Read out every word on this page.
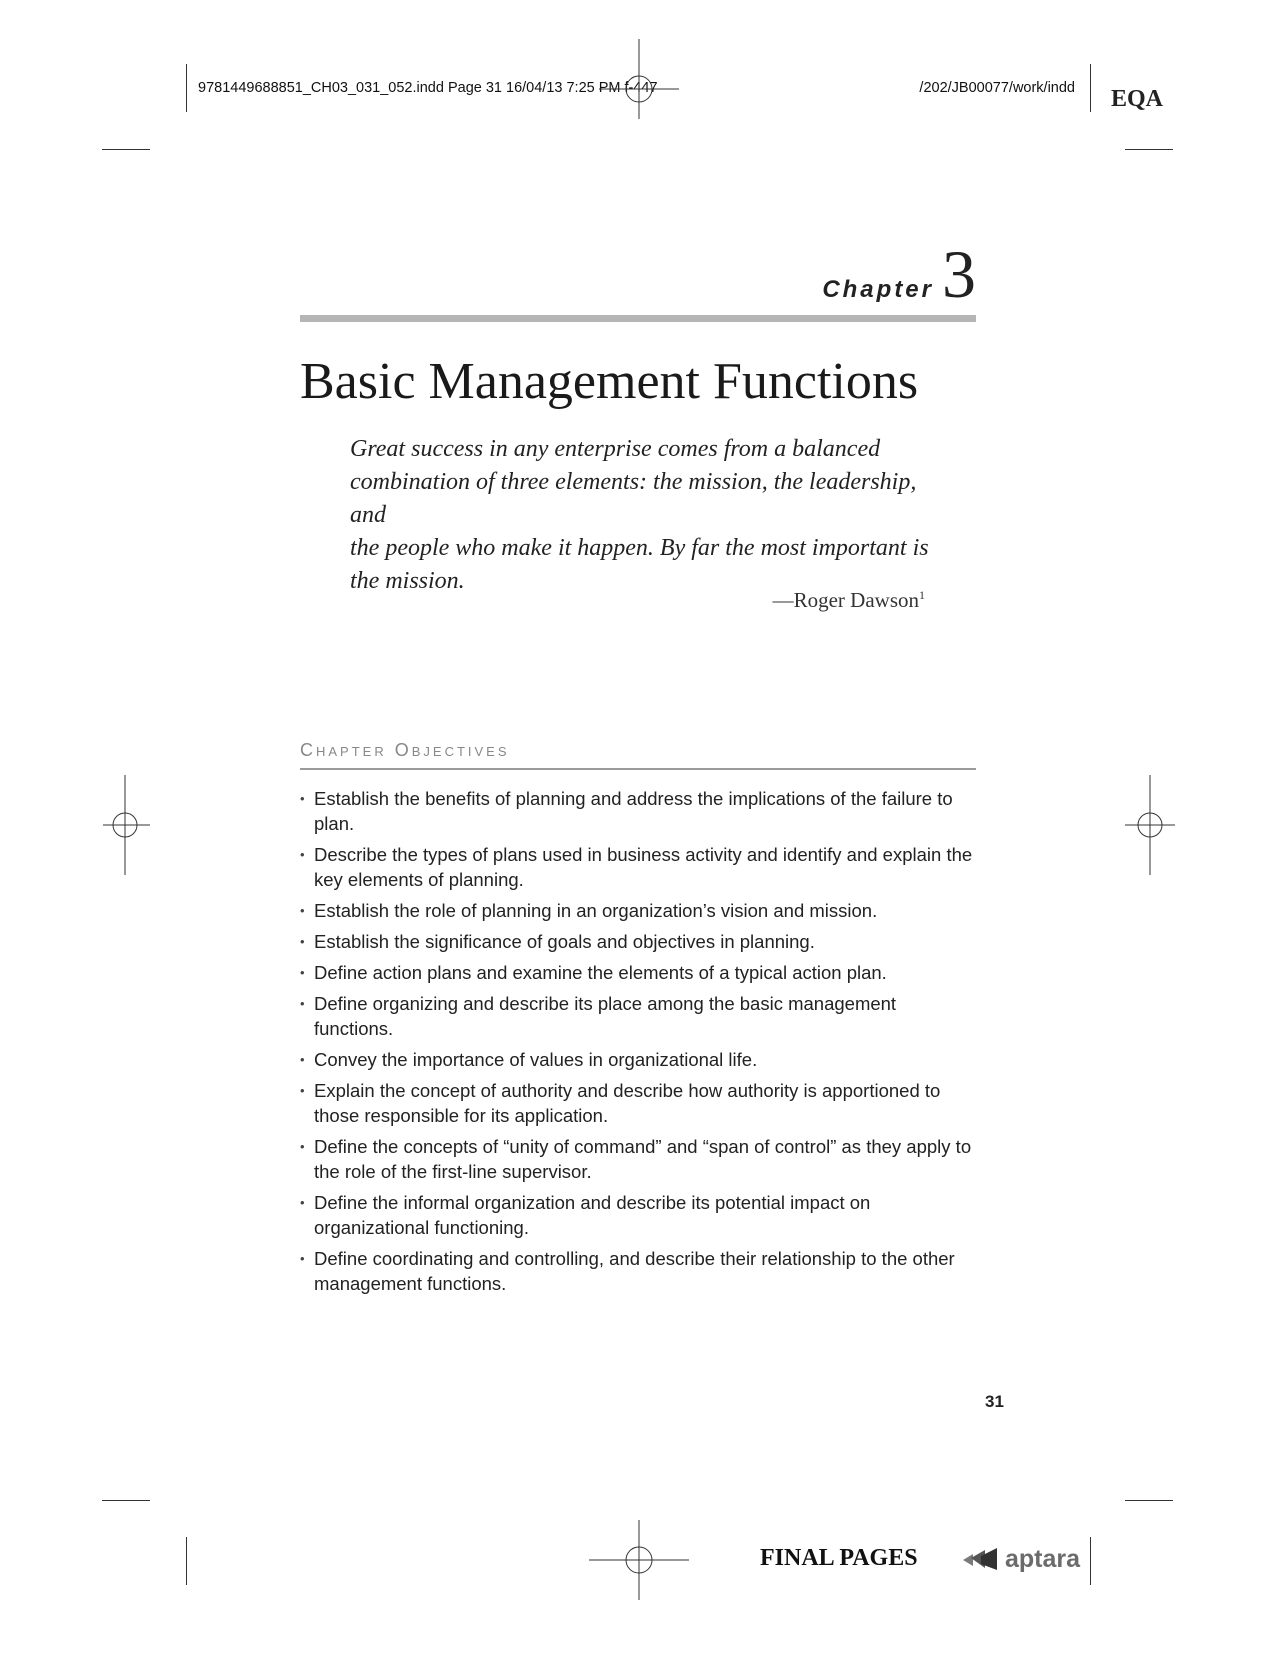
9781449688851_CH03_031_052.indd Page 31 16/04/13 7:25 PM f-447	/202/JB00077/work/indd EQA
Chapter 3
Basic Management Functions
Great success in any enterprise comes from a balanced
combination of three elements: the mission, the leadership, and
the people who make it happen. By far the most important is
the mission.
—Roger Dawson$^1$
Chapter Objectives
• Establish the benefits of planning and address the implications of the failure to plan.
• Describe the types of plans used in business activity and identify and explain the key elements of planning.
• Establish the role of planning in an organization’s vision and mission.
• Establish the significance of goals and objectives in planning.
• Define action plans and examine the elements of a typical action plan.
• Define organizing and describe its place among the basic management functions.
• Convey the importance of values in organizational life.
• Explain the concept of authority and describe how authority is apportioned to those responsible for its application.
• Define the concepts of “unity of command” and “span of control” as they apply to the role of the first-line supervisor.
• Define the informal organization and describe its potential impact on organizational functioning.
• Define coordinating and controlling, and describe their relationship to the other management functions.
31
FINAL PAGES	aptara
